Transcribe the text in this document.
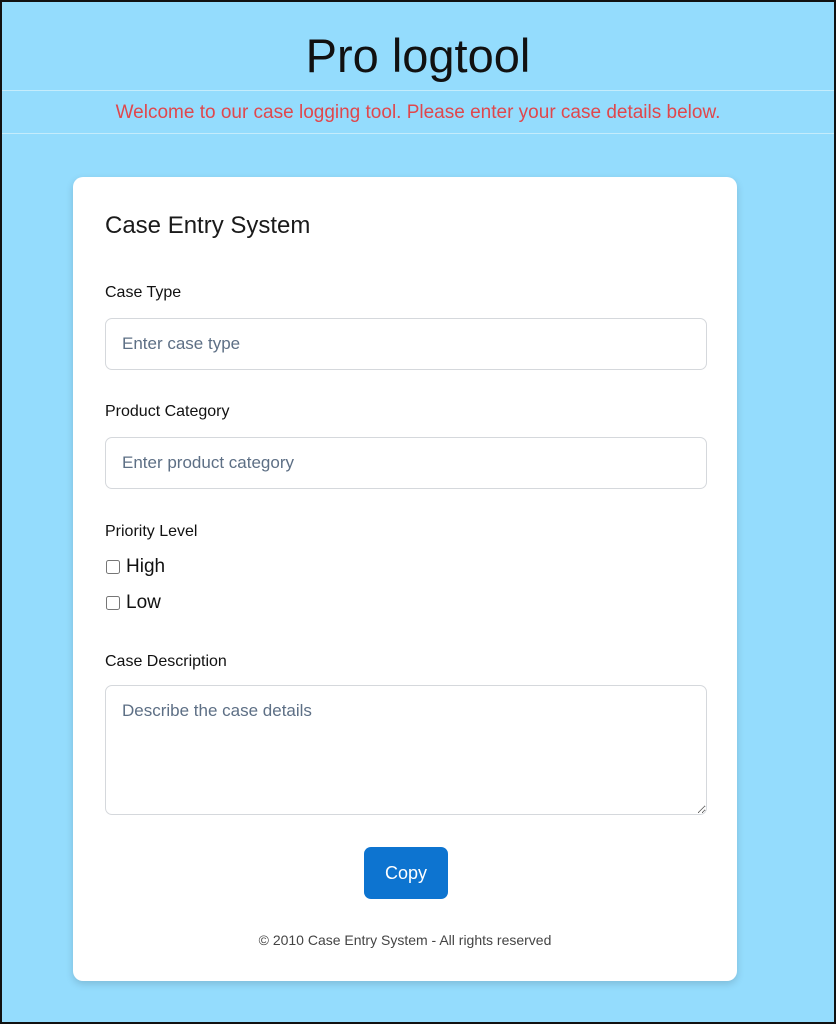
Pro logtool
Welcome to our case logging tool. Please enter your case details below.
Case Entry System
Case Type
Enter case type
Product Category
Enter product category
Priority Level
High
Low
Case Description
Describe the case details
Copy
© 2010 Case Entry System - All rights reserved
